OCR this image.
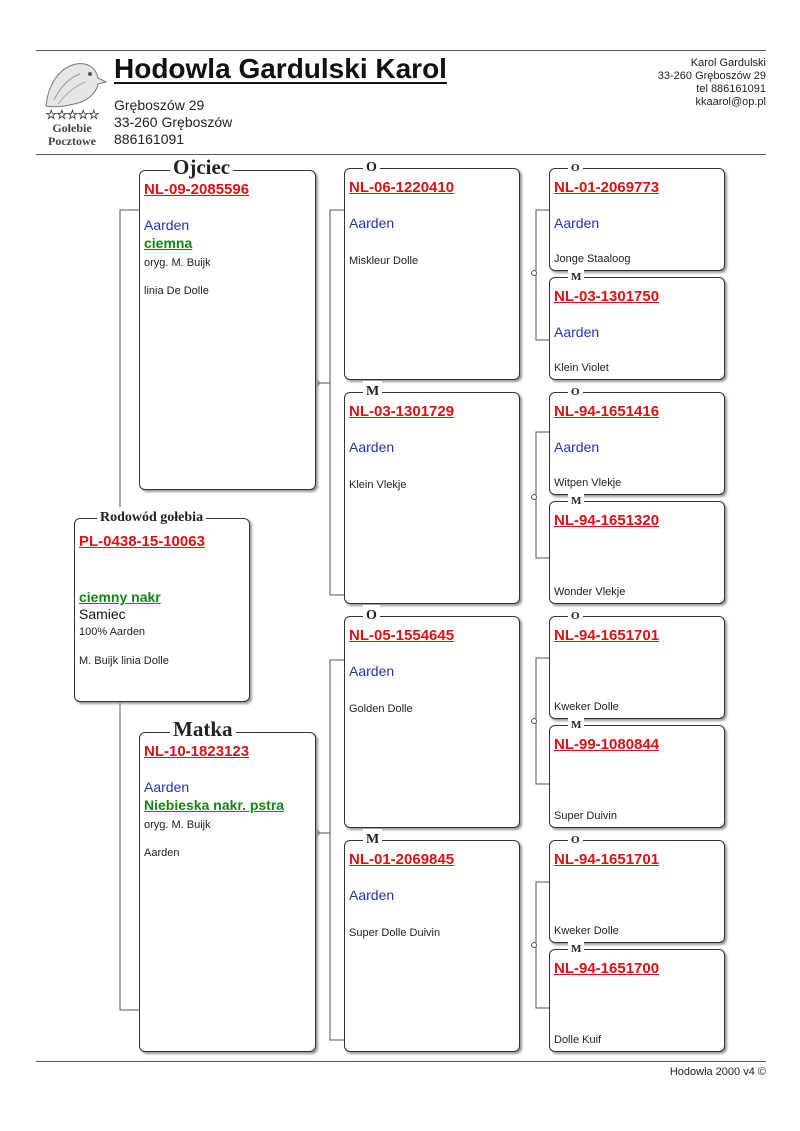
☆☆☆☆☆
Gołebie
Pocztowe
Hodowla Gardulski Karol
Gręboszów 29
33-260 Gręboszów
886161091
Karol Gardulski
33-260 Gręboszów 29
tel 886161091
kkaarol@op.pl
Rodowód gołebia
PL-0438-15-10063
ciemny nakr
Samiec
100% Aarden
M. Buijk linia Dolle
Ojciec
NL-09-2085596
Aarden
ciemna
oryg. M. Buijk
linia De Dolle
Matka
NL-10-1823123
Aarden
Niebieska nakr. pstra
oryg. M. Buijk
Aarden
O
NL-06-1220410
Aarden
Miskleur Dolle
M
NL-03-1301729
Aarden
Klein Vlekje
O
NL-05-1554645
Aarden
Golden Dolle
M
NL-01-2069845
Aarden
Super Dolle Duivin
O
NL-01-2069773
Aarden
Jonge Staaloog
M
NL-03-1301750
Aarden
Klein Violet
O
NL-94-1651416
Aarden
Witpen Vlekje
M
NL-94-1651320
Wonder Vlekje
O
NL-94-1651701
Kweker Dolle
M
NL-99-1080844
Super Duivin
O
NL-94-1651701
Kweker Dolle
M
NL-94-1651700
Dolle Kuif
Hodowla 2000 v4 ©
